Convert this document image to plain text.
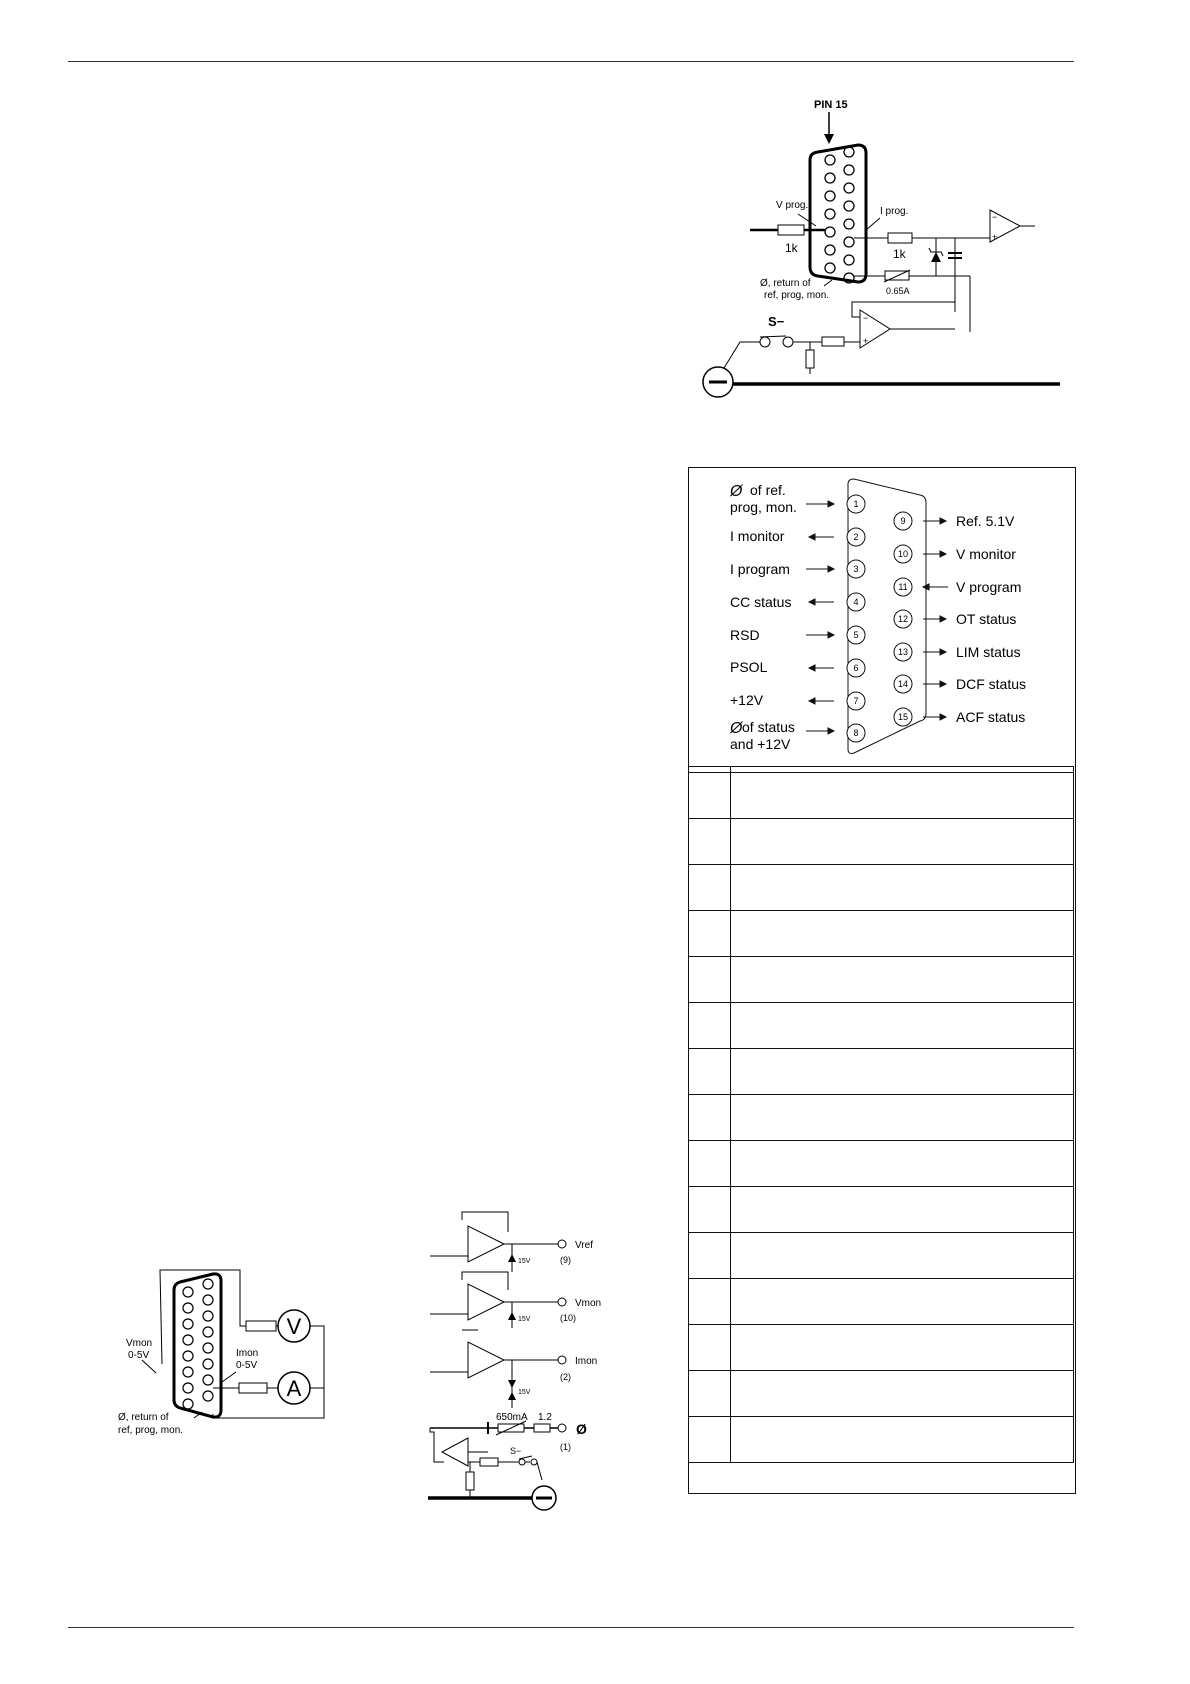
PIN 15
V prog.
1k
I prog.
1k
−
+
0.65A
Ø, return of
ref, prog, mon.
−
+
S−
Ø of ref.
prog, mon.
I monitor
I program
CC status
RSD
PSOL
+12V
Ø of status
and +12V
1
2
3
4
5
6
7
8
9
10
11
12
13
14
15
Ref. 5.1V
V monitor
V program
OT status
LIM status
DCF status
ACF status

V
A
Vmon
0-5V	Imon
0-5V
Ø, return of
ref, prog, mon.
15V
Vref
(9)
15V
Vmon
(10)
15V
Imon
(2)
650mA 1.2
Ø
(1)
S−
